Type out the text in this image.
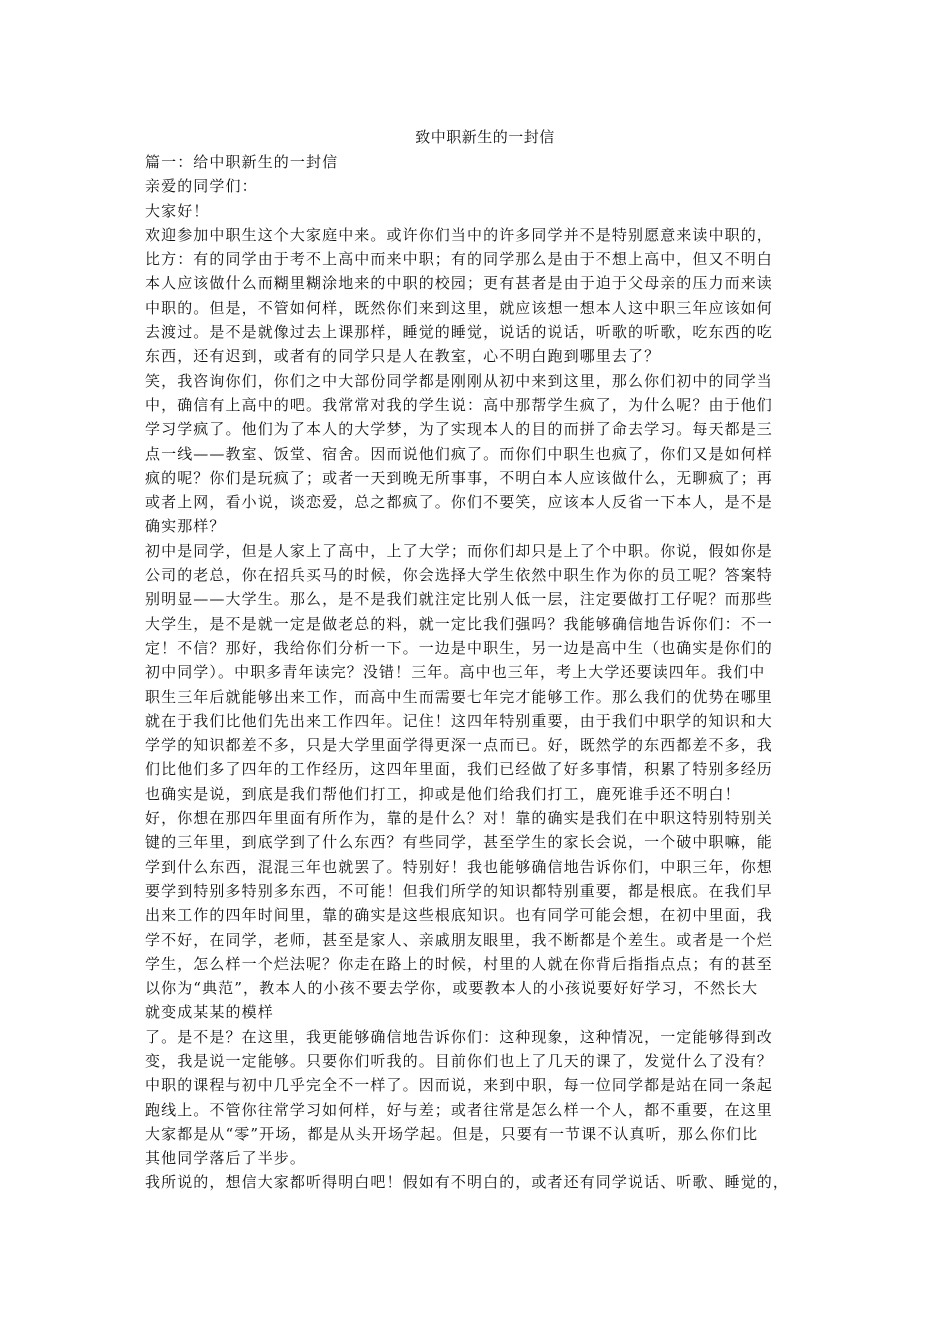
致中职新生的一封信

篇一：给中职新生的一封信

亲爱的同学们：

大家好！

欢迎参加中职生这个大家庭中来。或许你们当中的许多同学并不是特别愿意来读中职的，

比方：有的同学由于考不上高中而来中职；有的同学那么是由于不想上高中，但又不明白

本人应该做什么而糊里糊涂地来的中职的校园；更有甚者是由于迫于父母亲的压力而来读

中职的。但是，不管如何样，既然你们来到这里，就应该想一想本人这中职三年应该如何

去渡过。是不是就像过去上课那样，睡觉的睡觉，说话的说话，听歌的听歌，吃东西的吃

东西，还有迟到，或者有的同学只是人在教室，心不明白跑到哪里去了？

笑，我咨询你们，你们之中大部份同学都是刚刚从初中来到这里，那么你们初中的同学当

中，确信有上高中的吧。我常常对我的学生说：高中那帮学生疯了，为什么呢？由于他们

学习学疯了。他们为了本人的大学梦，为了实现本人的目的而拼了命去学习。每天都是三

点一线——教室、饭堂、宿舍。因而说他们疯了。而你们中职生也疯了，你们又是如何样

疯的呢？你们是玩疯了；或者一天到晚无所事事，不明白本人应该做什么，无聊疯了；再

或者上网，看小说，谈恋爱，总之都疯了。你们不要笑，应该本人反省一下本人，是不是

确实那样？

初中是同学，但是人家上了高中，上了大学；而你们却只是上了个中职。你说，假如你是

公司的老总，你在招兵买马的时候，你会选择大学生依然中职生作为你的员工呢？答案特

别明显——大学生。那么，是不是我们就注定比别人低一层，注定要做打工仔呢？而那些

大学生，是不是就一定是做老总的料，就一定比我们强吗？我能够确信地告诉你们：不一

定！不信？那好，我给你们分析一下。一边是中职生，另一边是高中生（也确实是你们的

初中同学）。中职多青年读完？没错！三年。高中也三年，考上大学还要读四年。我们中

职生三年后就能够出来工作，而高中生而需要七年完才能够工作。那么我们的优势在哪里

就在于我们比他们先出来工作四年。记住！这四年特别重要，由于我们中职学的知识和大

学学的知识都差不多，只是大学里面学得更深一点而已。好，既然学的东西都差不多，我

们比他们多了四年的工作经历，这四年里面，我们已经做了好多事情，积累了特别多经历

也确实是说，到底是我们帮他们打工，抑或是他们给我们打工，鹿死谁手还不明白！

好，你想在那四年里面有所作为，靠的是什么？对！靠的确实是我们在中职这特别特别关

键的三年里，到底学到了什么东西？有些同学，甚至学生的家长会说，一个破中职嘛，能

学到什么东西，混混三年也就罢了。特别好！我也能够确信地告诉你们，中职三年，你想

要学到特别多特别多东西，不可能！但我们所学的知识都特别重要，都是根底。在我们早

出来工作的四年时间里，靠的确实是这些根底知识。也有同学可能会想，在初中里面，我

学不好，在同学，老师，甚至是家人、亲戚朋友眼里，我不断都是个差生。或者是一个烂

学生，怎么样一个烂法呢？你走在路上的时候，村里的人就在你背后指指点点；有的甚至

以你为“典范”，教本人的小孩不要去学你，或要教本人的小孩说要好好学习，不然长大

就变成某某的模样

了。是不是？在这里，我更能够确信地告诉你们：这种现象，这种情况，一定能够得到改

变，我是说一定能够。只要你们听我的。目前你们也上了几天的课了，发觉什么了没有？

中职的课程与初中几乎完全不一样了。因而说，来到中职，每一位同学都是站在同一条起

跑线上。不管你往常学习如何样，好与差；或者往常是怎么样一个人，都不重要，在这里

大家都是从“零”开场，都是从头开场学起。但是，只要有一节课不认真听，那么你们比

其他同学落后了半步。

我所说的，想信大家都听得明白吧！假如有不明白的，或者还有同学说话、听歌、睡觉的，
